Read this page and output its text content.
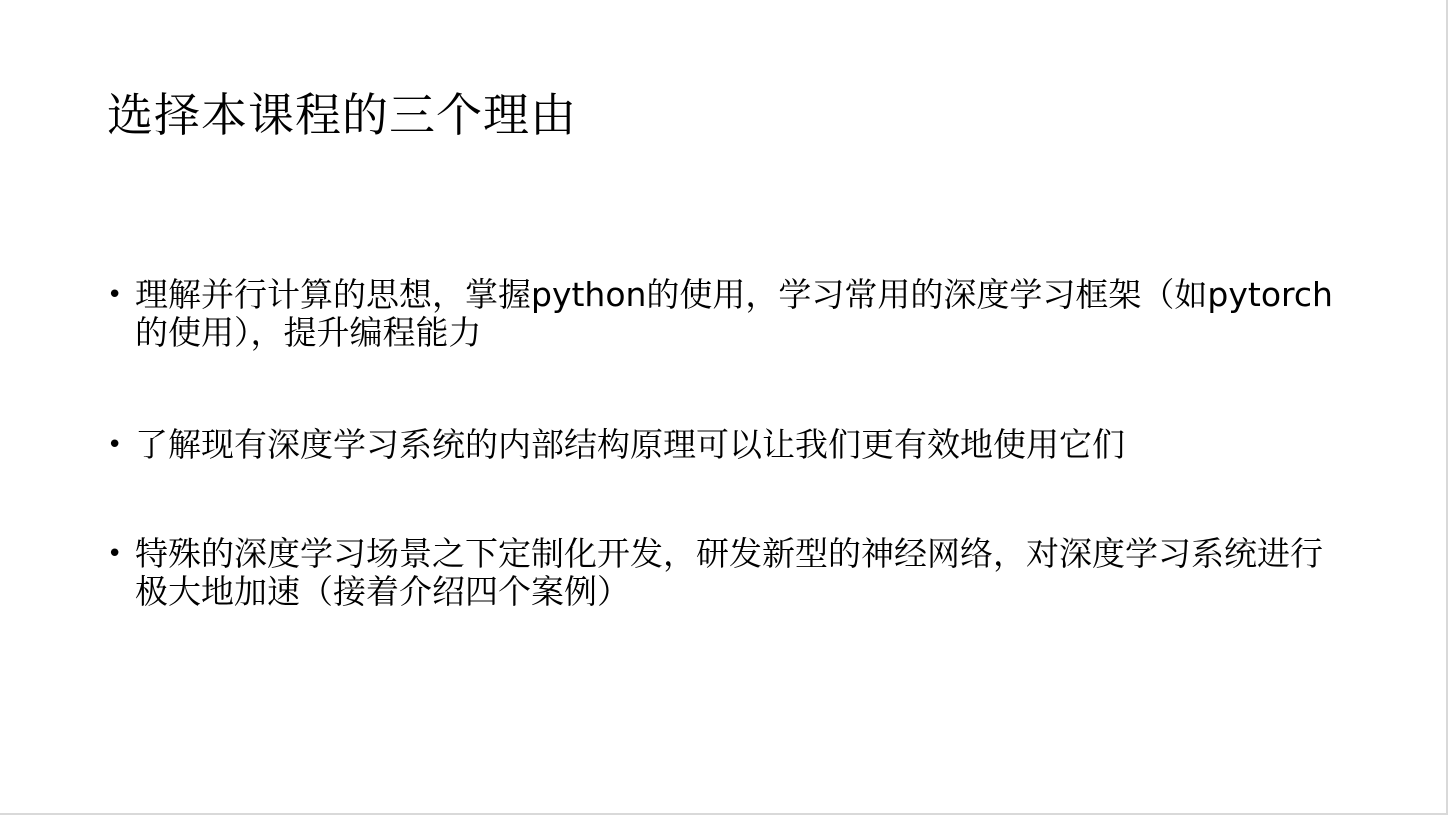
选择本课程的三个理由
• 理解并行计算的思想，掌握python的使用，学习常用的深度学习框架（如pytorch的使用），提升编程能力
• 了解现有深度学习系统的内部结构原理可以让我们更有效地使用它们
• 特殊的深度学习场景之下定制化开发，研发新型的神经网络，对深度学习系统进行极大地加速（接着介绍四个案例）
